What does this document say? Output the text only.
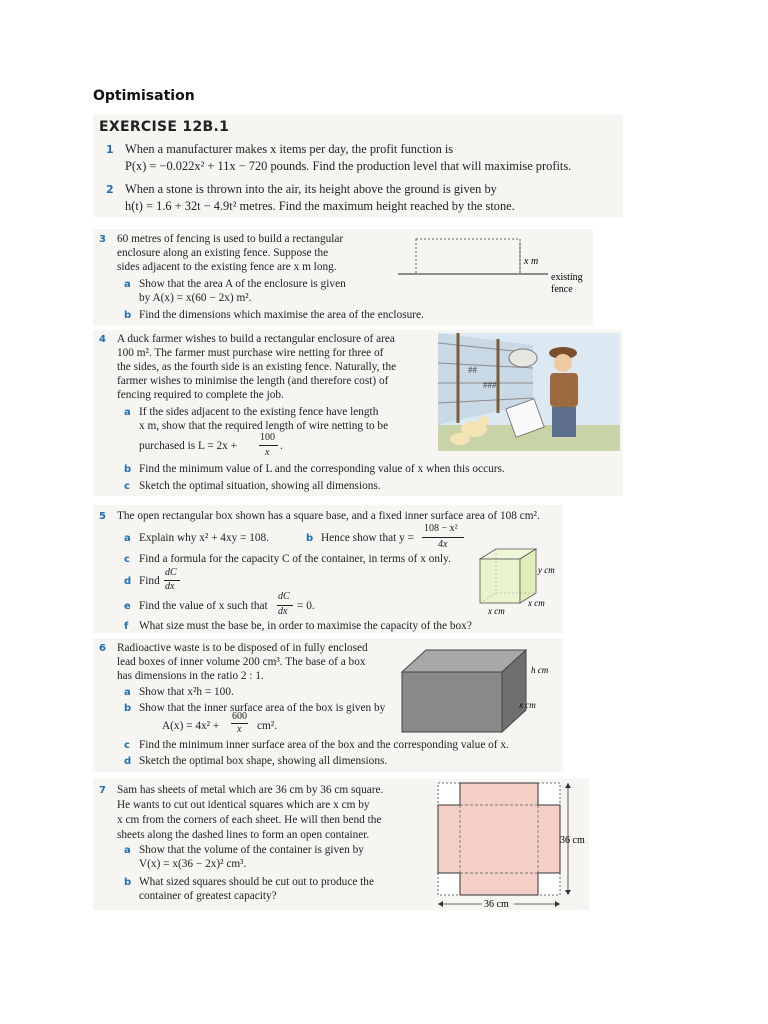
Optimisation
EXERCISE 12B.1
1 When a manufacturer makes x items per day, the profit function is
P(x) = −0.022x² + 11x − 720 pounds. Find the production level that will maximise profits.
2 When a stone is thrown into the air, its height above the ground is given by
h(t) = 1.6 + 32t − 4.9t² metres. Find the maximum height reached by the stone.
3 60 metres of fencing is used to build a rectangular
enclosure along an existing fence. Suppose the
sides adjacent to the existing fence are x m long.
a Show that the area A of the enclosure is given
by A(x) = x(60 − 2x) m².
b Find the dimensions which maximise the area of the enclosure.
x m
existing
fence
4 A duck farmer wishes to build a rectangular enclosure of area
100 m². The farmer must purchase wire netting for three of
the sides, as the fourth side is an existing fence. Naturally, the
farmer wishes to minimise the length (and therefore cost) of
fencing required to complete the job.
a If the sides adjacent to the existing fence have length
x m, show that the required length of wire netting to be
purchased is L = 2x +
100
x
.
b Find the minimum value of L and the corresponding value of x when this occurs.
c Sketch the optimal situation, showing all dimensions.
##
###
5 The open rectangular box shown has a square base, and a fixed inner surface area of 108 cm².
a Explain why x² + 4xy = 108.	b Hence show that y =
108 − x²
4x
c Find a formula for the capacity C of the container, in terms of x only.
d Find
dC
dx
e Find the value of x such that
dC
dx = 0.
f What size must the base be, in order to maximise the capacity of the box?
y cm
x cm
x cm
6 Radioactive waste is to be disposed of in fully enclosed
lead boxes of inner volume 200 cm³. The base of a box
has dimensions in the ratio 2 : 1.
a Show that x²h = 100.
b Show that the inner surface area of the box is given by
A(x) = 4x² +
600
x cm².
c Find the minimum inner surface area of the box and the corresponding value of x.
d Sketch the optimal box shape, showing all dimensions.
h cm
x cm
7 Sam has sheets of metal which are 36 cm by 36 cm square.
He wants to cut out identical squares which are x cm by
x cm from the corners of each sheet. He will then bend the
sheets along the dashed lines to form an open container.
a Show that the volume of the container is given by
V(x) = x(36 − 2x)² cm³.
b What sized squares should be cut out to produce the
container of greatest capacity?
36 cm
36 cm
